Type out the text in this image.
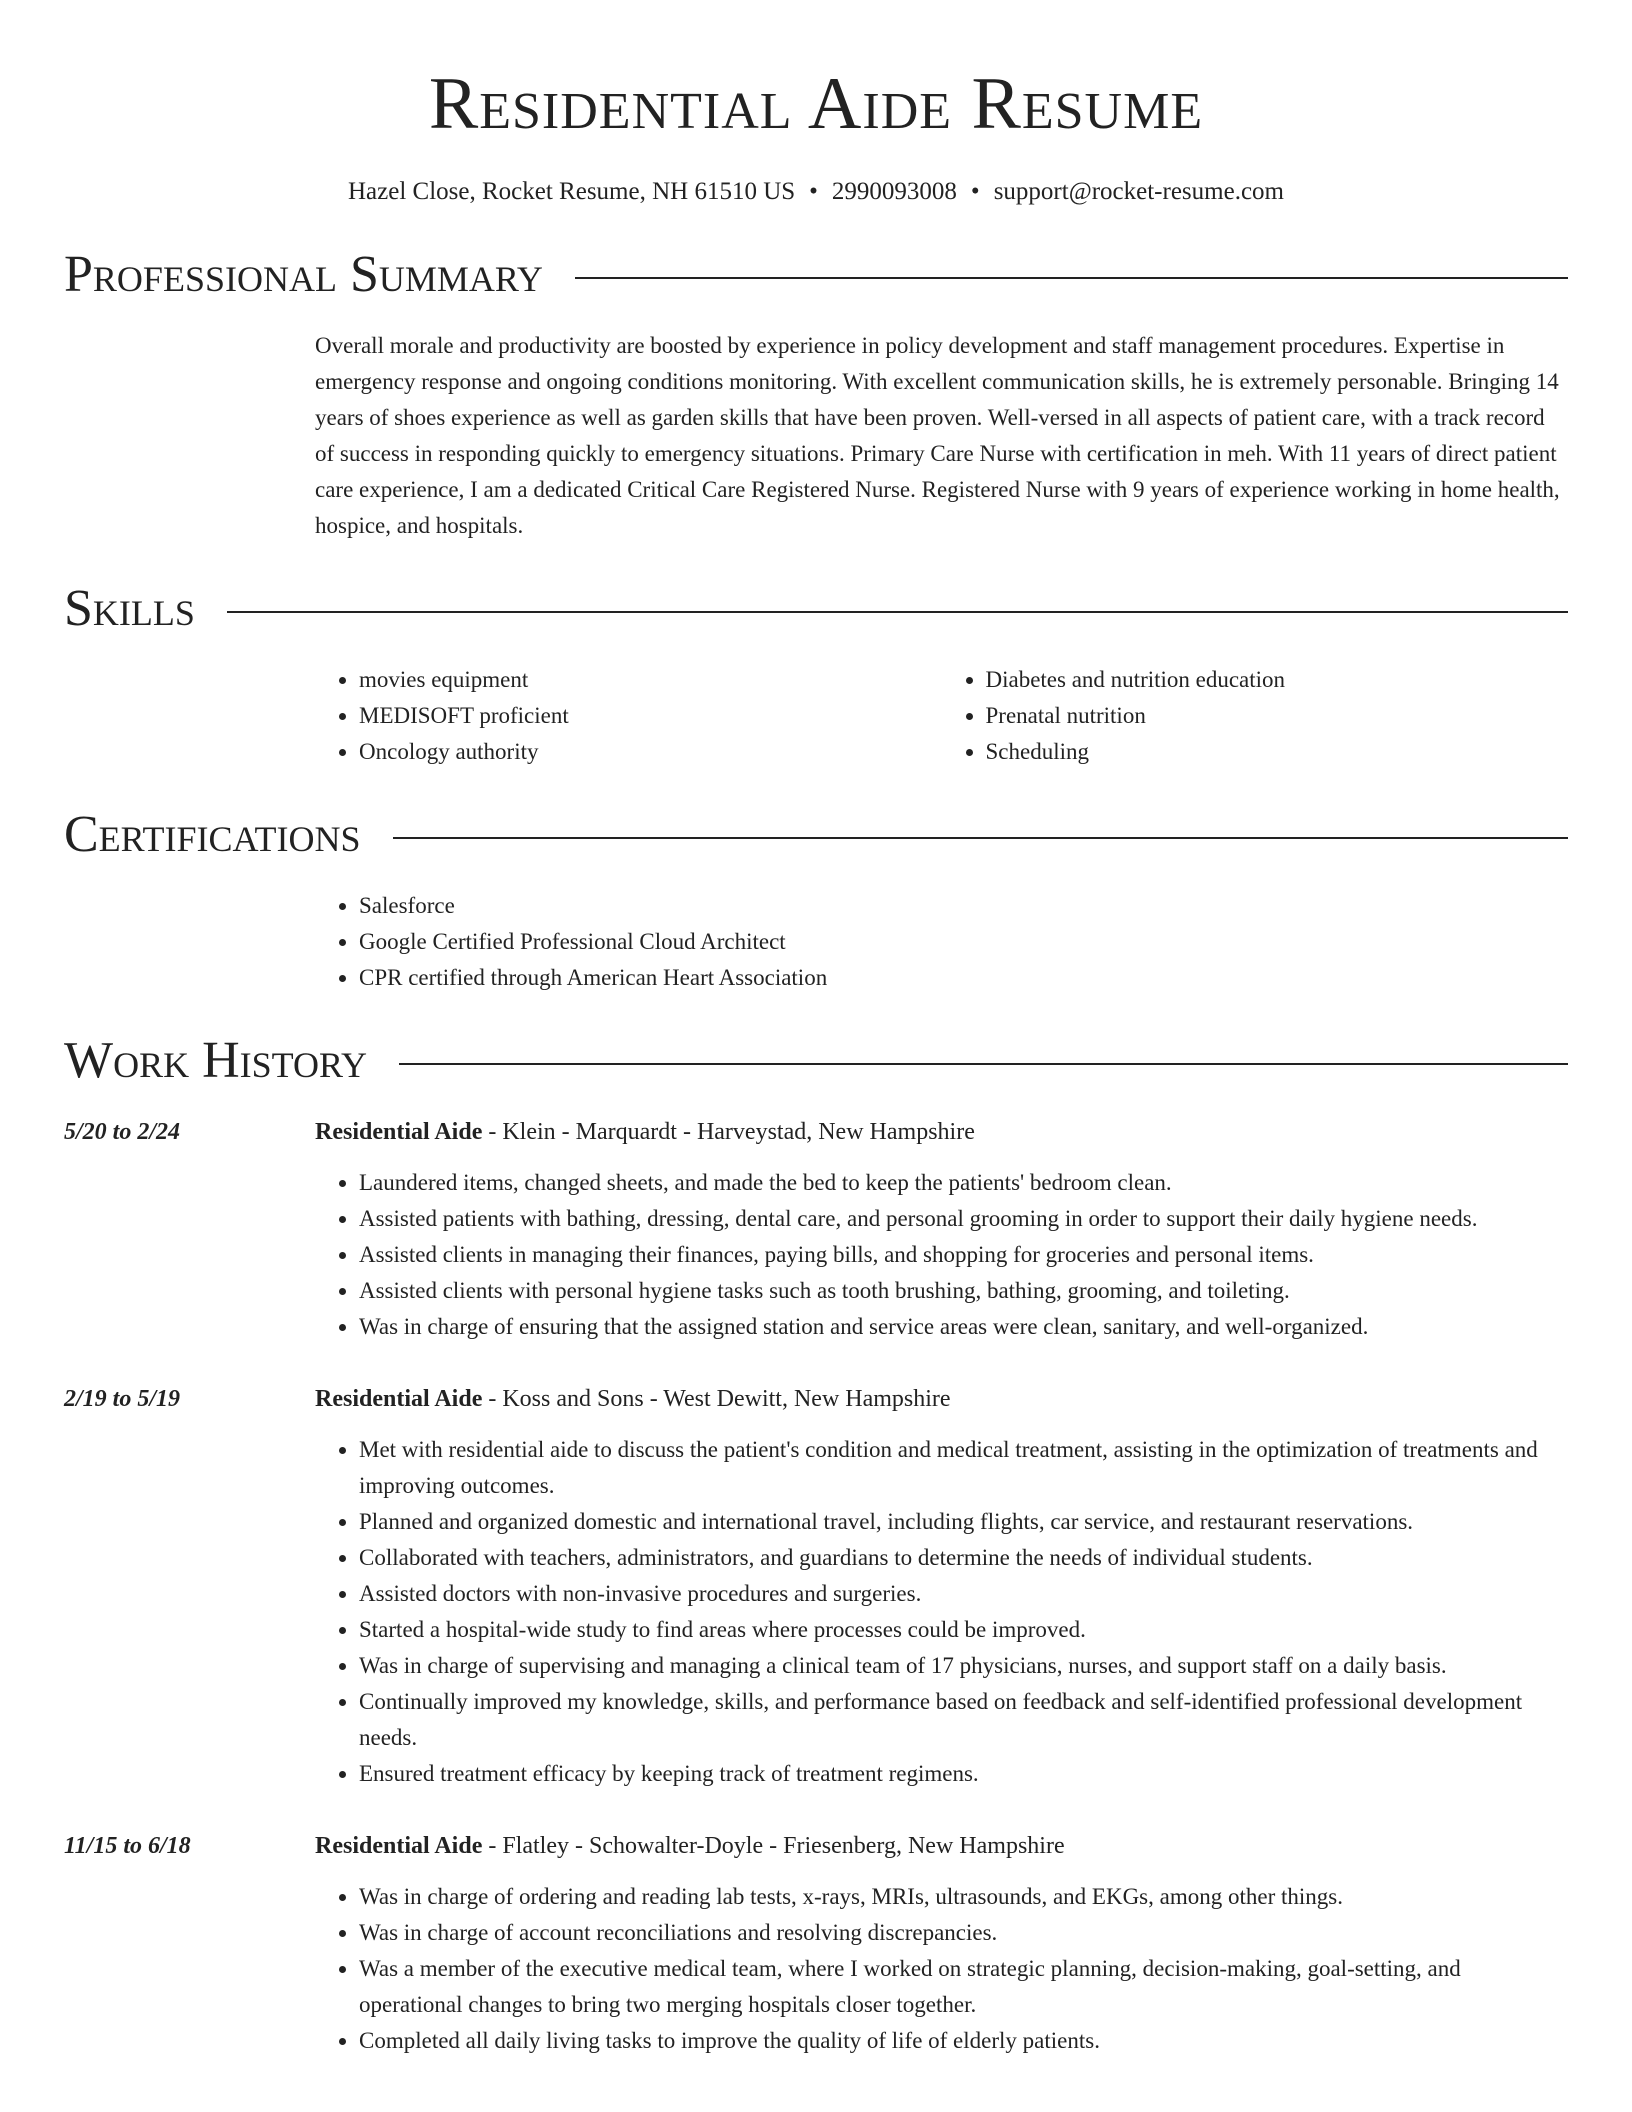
Residential Aide Resume
Hazel Close, Rocket Resume, NH 61510 US • 2990093008 • support@rocket-resume.com
Professional Summary

Overall morale and productivity are boosted by experience in policy development and staff management procedures. Expertise in emergency response and ongoing conditions monitoring. With excellent communication skills, he is extremely personable. Bringing 14 years of shoes experience as well as garden skills that have been proven. Well-versed in all aspects of patient care, with a track record of success in responding quickly to emergency situations. Primary Care Nurse with certification in meh. With 11 years of direct patient care experience, I am a dedicated Critical Care Registered Nurse. Registered Nurse with 9 years of experience working in home health, hospice, and hospitals.

Skills
• movies equipment
• MEDISOFT proficient
• Oncology authority
• Diabetes and nutrition education
• Prenatal nutrition
• Scheduling
Certifications
• Salesforce
• Google Certified Professional Cloud Architect
• CPR certified through American Heart Association
Work History
5/20 to 2/24	Residential Aide - Klein - Marquardt - Harveystad, New Hampshire
• Laundered items, changed sheets, and made the bed to keep the patients' bedroom clean.
• Assisted patients with bathing, dressing, dental care, and personal grooming in order to support their daily hygiene needs.
• Assisted clients in managing their finances, paying bills, and shopping for groceries and personal items.
• Assisted clients with personal hygiene tasks such as tooth brushing, bathing, grooming, and toileting.
• Was in charge of ensuring that the assigned station and service areas were clean, sanitary, and well-organized.
2/19 to 5/19	Residential Aide - Koss and Sons - West Dewitt, New Hampshire
• Met with residential aide to discuss the patient's condition and medical treatment, assisting in the optimization of treatments and improving outcomes.
• Planned and organized domestic and international travel, including flights, car service, and restaurant reservations.
• Collaborated with teachers, administrators, and guardians to determine the needs of individual students.
• Assisted doctors with non-invasive procedures and surgeries.
• Started a hospital-wide study to find areas where processes could be improved.
• Was in charge of supervising and managing a clinical team of 17 physicians, nurses, and support staff on a daily basis.
• Continually improved my knowledge, skills, and performance based on feedback and self-identified professional development needs.
• Ensured treatment efficacy by keeping track of treatment regimens.
11/15 to 6/18	Residential Aide - Flatley - Schowalter-Doyle - Friesenberg, New Hampshire
• Was in charge of ordering and reading lab tests, x-rays, MRIs, ultrasounds, and EKGs, among other things.
• Was in charge of account reconciliations and resolving discrepancies.
• Was a member of the executive medical team, where I worked on strategic planning, decision-making, goal-setting, and operational changes to bring two merging hospitals closer together.
• Completed all daily living tasks to improve the quality of life of elderly patients.
